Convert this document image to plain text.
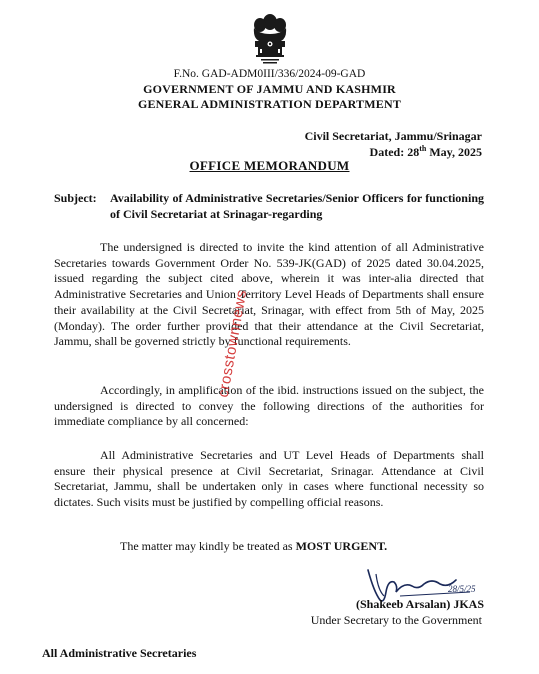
F.No. GAD-ADM0III/336/2024-09-GAD
GOVERNMENT OF JAMMU AND KASHMIR
GENERAL ADMINISTRATION DEPARTMENT
Civil Secretariat, Jammu/Srinagar
Dated: 28th May, 2025
OFFICE MEMORANDUM
Subject: Availability of Administrative Secretaries/Senior Officers for functioning of Civil Secretariat at Srinagar-regarding
The undersigned is directed to invite the kind attention of all Administrative Secretaries towards Government Order No. 539-JK(GAD) of 2025 dated 30.04.2025, issued regarding the subject cited above, wherein it was inter-alia directed that Administrative Secretaries and Union Territory Level Heads of Departments shall ensure their availability at the Civil Secretariat, Srinagar, with effect from 5th of May, 2025 (Monday). The order further provided that their attendance at the Civil Secretariat, Jammu, shall be governed strictly by functional requirements.
Accordingly, in amplification of the ibid. instructions issued on the subject, the undersigned is directed to convey the following directions of the authorities for immediate compliance by all concerned:
All Administrative Secretaries and UT Level Heads of Departments shall ensure their physical presence at Civil Secretariat, Srinagar. Attendance at Civil Secretariat, Jammu, shall be undertaken only in cases where functional necessity so dictates. Such visits must be justified by compelling official reasons.
The matter may kindly be treated as MOST URGENT.
28/5/25
(Shakeeb Arsalan) JKAS
Under Secretary to the Government
All Administrative Secretaries
crosstownnews
